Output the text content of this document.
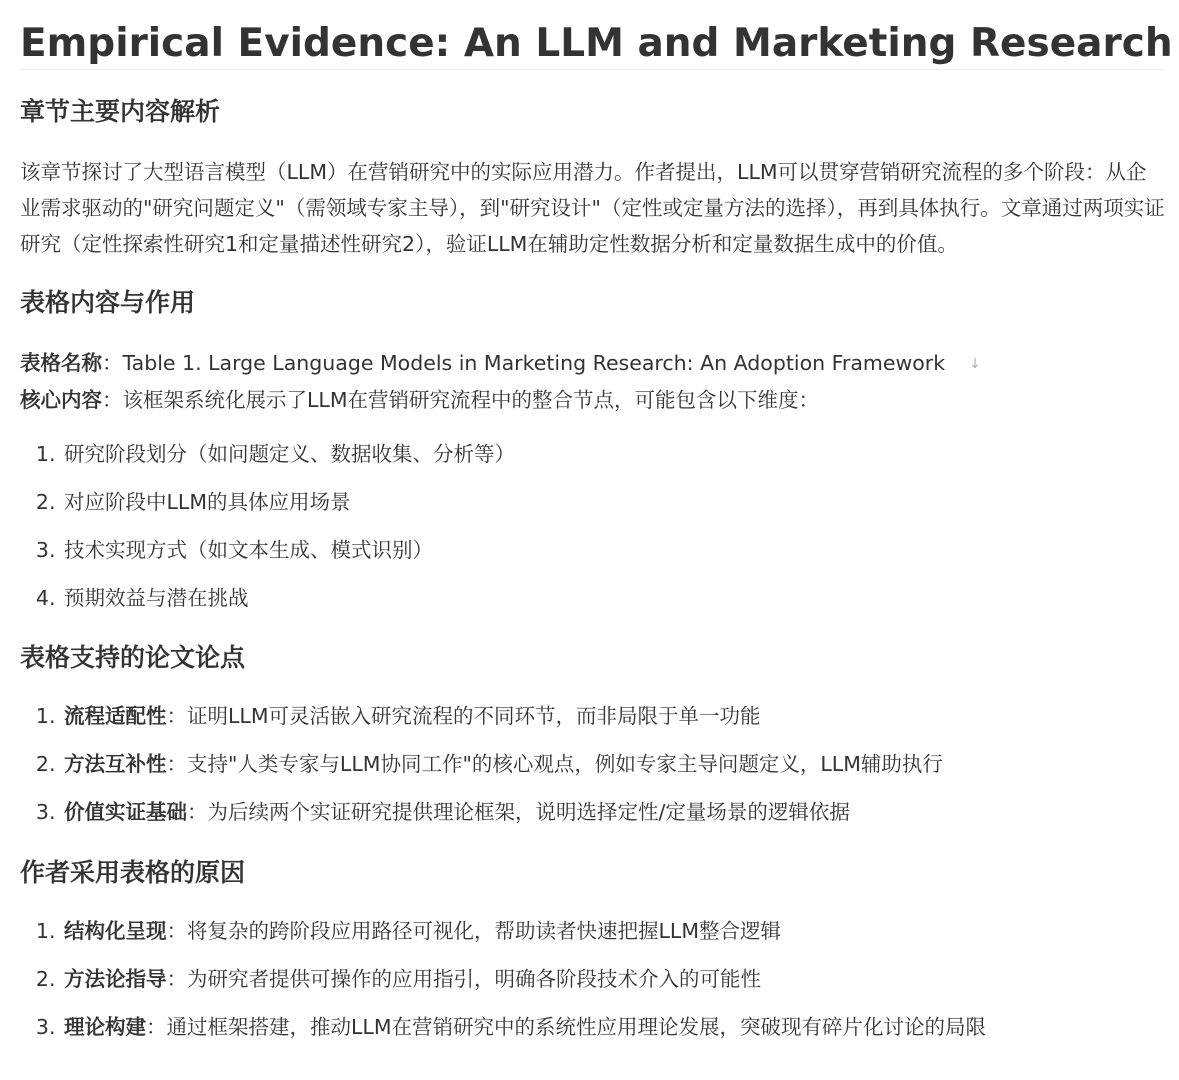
Empirical Evidence: An LLM and Marketing Research
章节主要内容解析

该章节探讨了大型语言模型（LLM）在营销研究中的实际应用潜力。作者提出，LLM可以贯穿营销研究流程的多个阶段：从企业需求驱动的"研究问题定义"（需领域专家主导），到"研究设计"（定性或定量方法的选择），再到具体执行。文章通过两项实证研究（定性探索性研究1和定量描述性研究2），验证LLM在辅助定性数据分析和定量数据生成中的价值。

表格内容与作用
表格名称：Table 1. Large Language Models in Marketing Research: An Adoption Framework ↓
核心内容：该框架系统化展示了LLM在营销研究流程中的整合节点，可能包含以下维度：
1. 研究阶段划分（如问题定义、数据收集、分析等）
2. 对应阶段中LLM的具体应用场景
3. 技术实现方式（如文本生成、模式识别）
4. 预期效益与潜在挑战
表格支持的论文论点
1. 流程适配性：证明LLM可灵活嵌入研究流程的不同环节，而非局限于单一功能
2. 方法互补性：支持"人类专家与LLM协同工作"的核心观点，例如专家主导问题定义，LLM辅助执行
3. 价值实证基础：为后续两个实证研究提供理论框架，说明选择定性/定量场景的逻辑依据
作者采用表格的原因
1. 结构化呈现：将复杂的跨阶段应用路径可视化，帮助读者快速把握LLM整合逻辑
2. 方法论指导：为研究者提供可操作的应用指引，明确各阶段技术介入的可能性
3. 理论构建：通过框架搭建，推动LLM在营销研究中的系统性应用理论发展，突破现有碎片化讨论的局限
